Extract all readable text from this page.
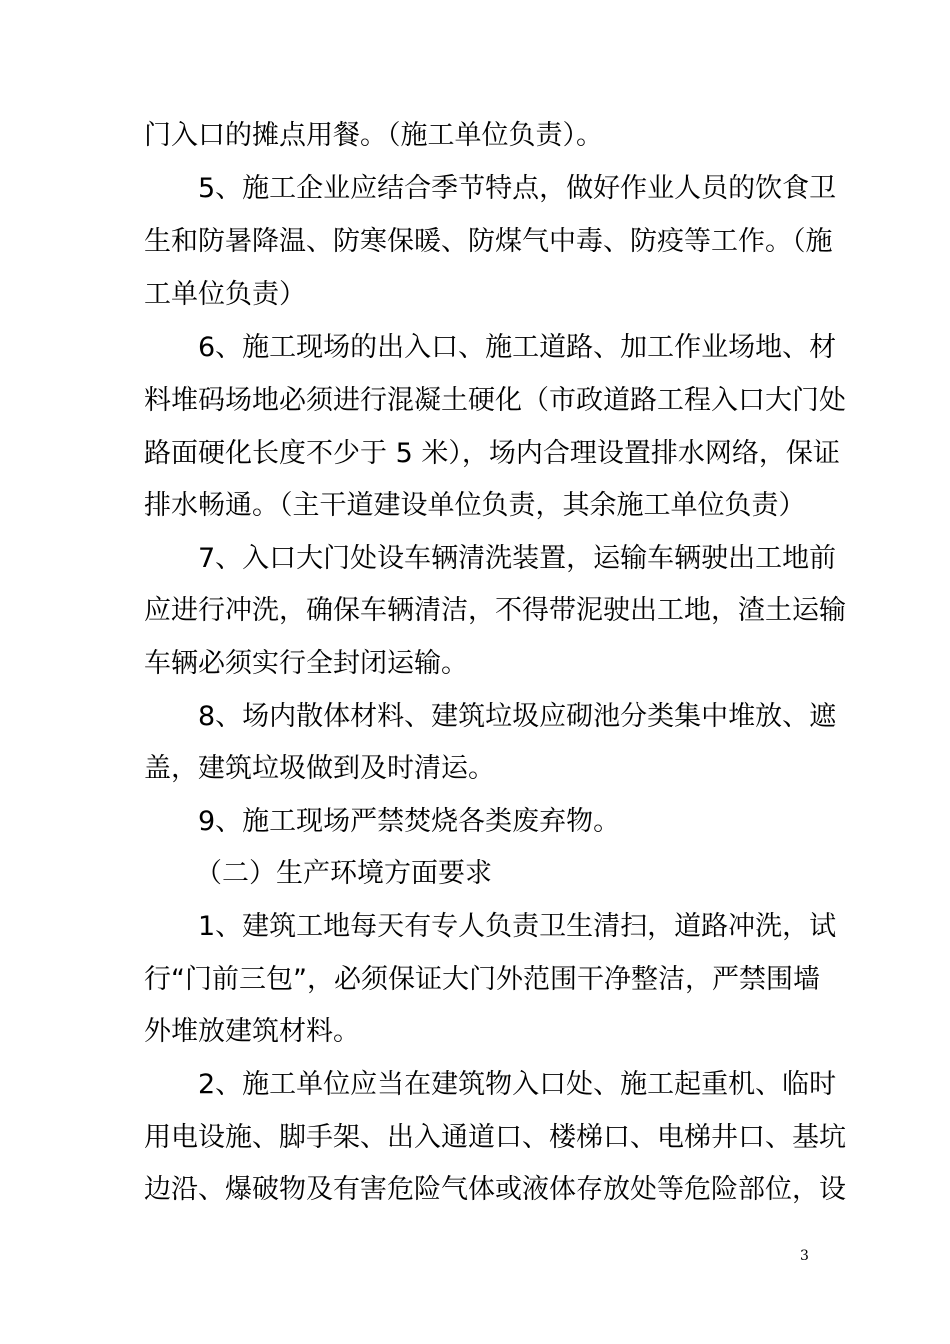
门入口的摊点用餐。（施工单位负责）。
5、施工企业应结合季节特点，做好作业人员的饮食卫
生和防暑降温、防寒保暖、防煤气中毒、防疫等工作。（施
工单位负责）
6、施工现场的出入口、施工道路、加工作业场地、材
料堆码场地必须进行混凝土硬化（市政道路工程入口大门处
路面硬化长度不少于 5 米），场内合理设置排水网络，保证
排水畅通。（主干道建设单位负责，其余施工单位负责）
7、入口大门处设车辆清洗装置，运输车辆驶出工地前
应进行冲洗，确保车辆清洁，不得带泥驶出工地，渣土运输
车辆必须实行全封闭运输。
8、场内散体材料、建筑垃圾应砌池分类集中堆放、遮
盖，建筑垃圾做到及时清运。
9、施工现场严禁焚烧各类废弃物。
（二）生产环境方面要求
1、建筑工地每天有专人负责卫生清扫，道路冲洗，试
行“门前三包”，必须保证大门外范围干净整洁，严禁围墙
外堆放建筑材料。
2、施工单位应当在建筑物入口处、施工起重机、临时
用电设施、脚手架、出入通道口、楼梯口、电梯井口、基坑
边沿、爆破物及有害危险气体或液体存放处等危险部位，设
3
